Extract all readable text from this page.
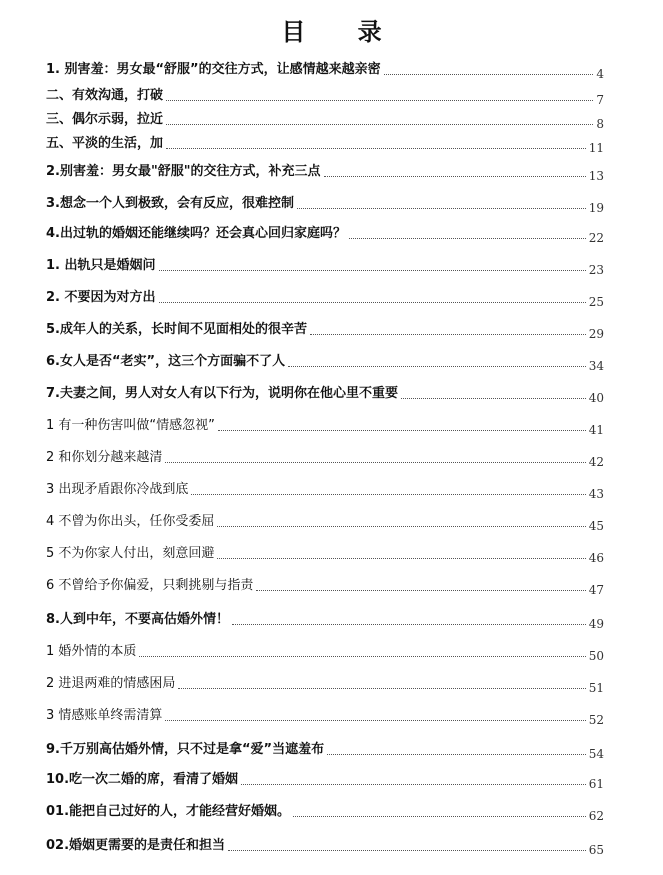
目 录
1. 别害羞：男女最“舒服”的交往方式，让感情越来越亲密	4
二、有效沟通，打破	7
三、偶尔示弱，拉近	8
五、平淡的生活，加	11
2.别害羞：男女最"舒服"的交往方式，补充三点	13
3.想念一个人到极致，会有反应，很难控制	19
4.出过轨的婚姻还能继续吗？还会真心回归家庭吗？	22
1. 出轨只是婚姻问	23
2. 不要因为对方出	25
5.成年人的关系，长时间不见面相处的很辛苦	29
6.女人是否“老实”，这三个方面骗不了人	34
7.夫妻之间，男人对女人有以下行为，说明你在他心里不重要	40
1 有一种伤害叫做“情感忽视”	41
2 和你划分越来越清	42
3 出现矛盾跟你冷战到底	43
4 不曾为你出头，任你受委屈	45
5 不为你家人付出，刻意回避	46
6 不曾给予你偏爱，只剩挑剔与指责	47
8.人到中年，不要高估婚外情！	49
1 婚外情的本质	50
2 进退两难的情感困局	51
3 情感账单终需清算	52
9.千万别高估婚外情，只不过是拿“爱”当遮羞布	54
10.吃一次二婚的席，看清了婚姻	61
01.能把自己过好的人，才能经营好婚姻。	62
02.婚姻更需要的是责任和担当	65
